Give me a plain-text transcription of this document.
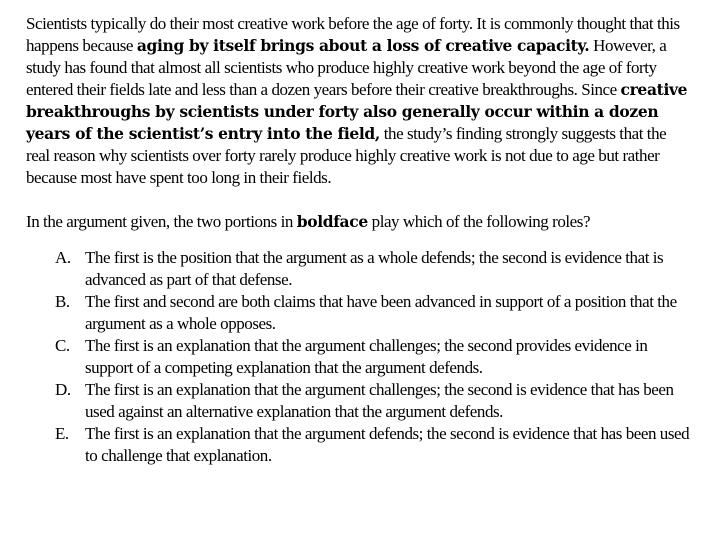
Scientists typically do their most creative work before the age of forty. It is commonly thought that this happens because aging by itself brings about a loss of creative capacity. However, a study has found that almost all scientists who produce highly creative work beyond the age of forty entered their fields late and less than a dozen years before their creative breakthroughs. Since creative breakthroughs by scientists under forty also generally occur within a dozen years of the scientist’s entry into the field, the study’s finding strongly suggests that the real reason why scientists over forty rarely produce highly creative work is not due to age but rather because most have spent too long in their fields.

In the argument given, the two portions in boldface play which of the following roles?

A. The first is the position that the argument as a whole defends; the second is evidence that is advanced as part of that defense.
B. The first and second are both claims that have been advanced in support of a position that the argument as a whole opposes.
C. The first is an explanation that the argument challenges; the second provides evidence in support of a competing explanation that the argument defends.
D. The first is an explanation that the argument challenges; the second is evidence that has been used against an alternative explanation that the argument defends.
E. The first is an explanation that the argument defends; the second is evidence that has been used to challenge that explanation.
